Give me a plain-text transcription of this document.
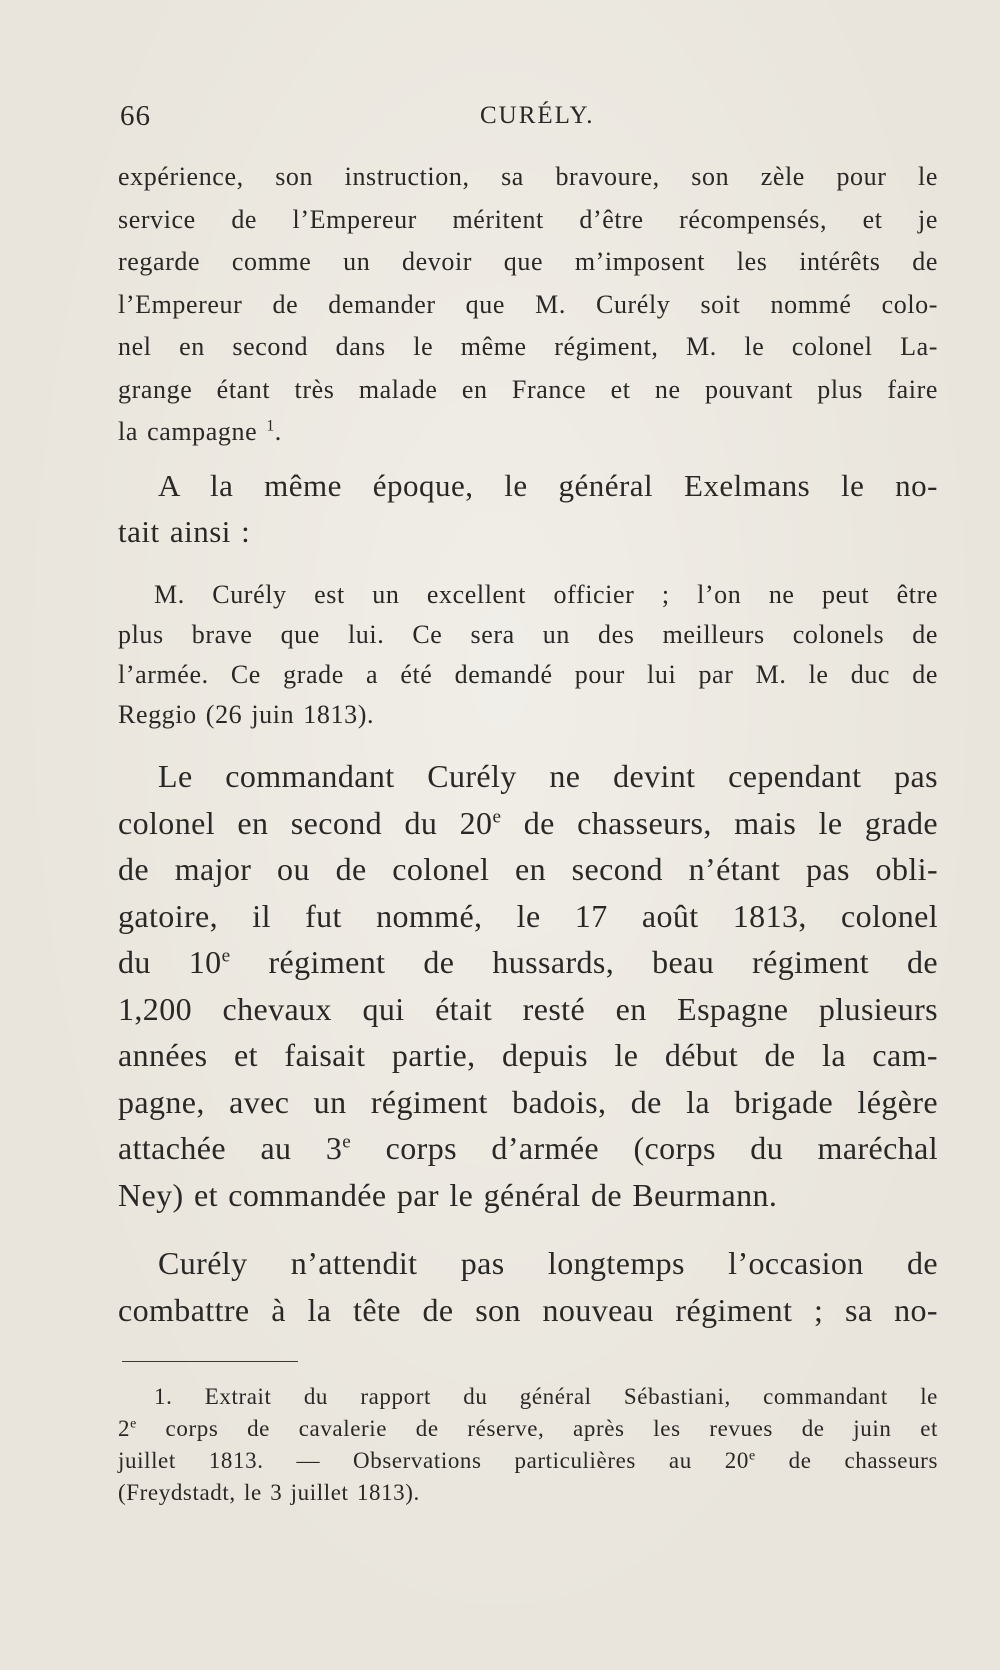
66	CURÉLY.
expérience, son instruction, sa bravoure, son zèle pour le
service de l’Empereur méritent d’être récompensés, et je
regarde comme un devoir que m’imposent les intérêts de
l’Empereur de demander que M. Curély soit nommé colo-
nel en second dans le même régiment, M. le colonel La-
grange étant très malade en France et ne pouvant plus faire
la campagne $^1$.
A la même époque, le général Exelmans le no-
tait ainsi :
M. Curély est un excellent officier ; l’on ne peut être
plus brave que lui. Ce sera un des meilleurs colonels de
l’armée. Ce grade a été demandé pour lui par M. le duc de
Reggio (26 juin 1813).
Le commandant Curély ne devint cependant pas
colonel en second du 20e de chasseurs, mais le grade
de major ou de colonel en second n’étant pas obli-
gatoire, il fut nommé, le 17 août 1813, colonel
du 10e régiment de hussards, beau régiment de
1,200 chevaux qui était resté en Espagne plusieurs
années et faisait partie, depuis le début de la cam-
pagne, avec un régiment badois, de la brigade légère
attachée au 3e corps d’armée (corps du maréchal
Ney) et commandée par le général de Beurmann.
Curély n’attendit pas longtemps l’occasion de
combattre à la tête de son nouveau régiment ; sa no-
1. Extrait du rapport du général Sébastiani, commandant le
2e corps de cavalerie de réserve, après les revues de juin et
juillet 1813. — Observations particulières au 20e de chasseurs
(Freydstadt, le 3 juillet 1813).
